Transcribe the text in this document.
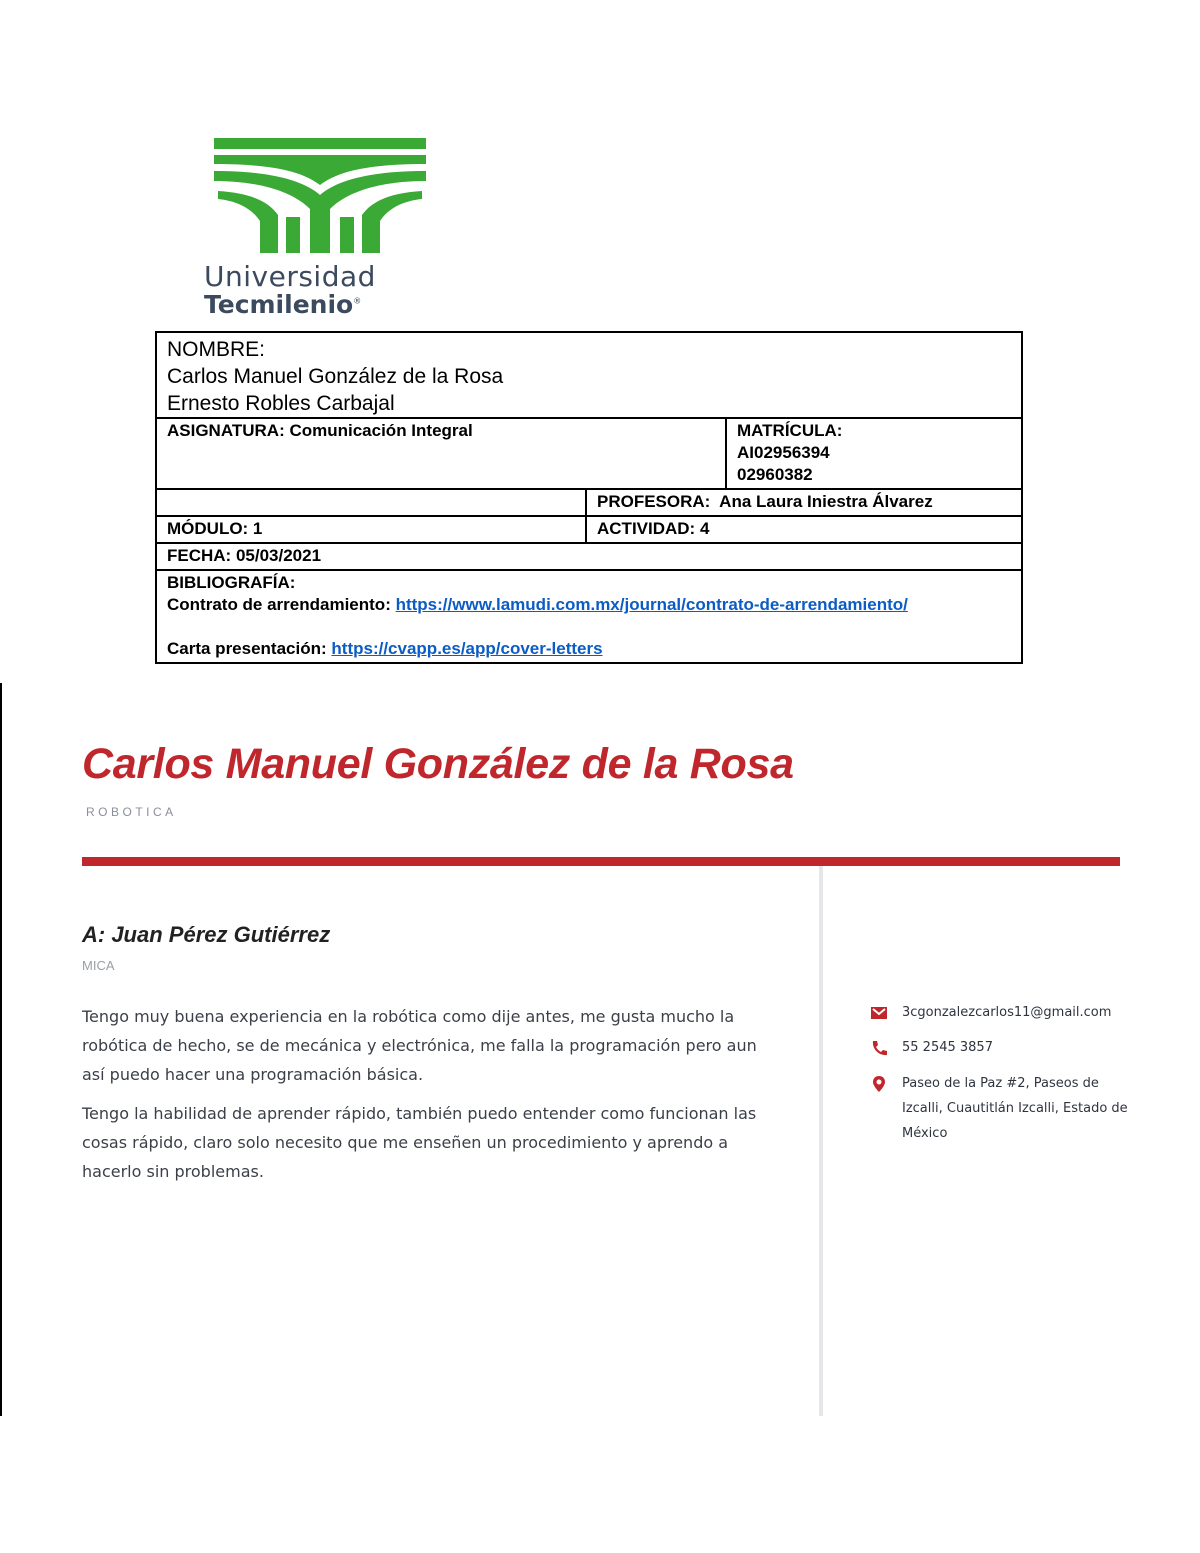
Universidad
Tecmilenio®
NOMBRE:
Carlos Manuel González de la Rosa
Ernesto Robles Carbajal		

ASIGNATURA: Comunicación Integral		MATRÍCULA:
AI02956394
02960382

	PROFESORA: Ana Laura Iniestra Álvarez	
MÓDULO: 1	ACTIVIDAD: 4	
FECHA: 05/03/2021		

BIBLIOGRAFÍA:
Contrato de arrendamiento: https://www.lamudi.com.mx/journal/contrato-de-arrendamiento/
Carta presentación: https://cvapp.es/app/cover-letters		
Carlos Manuel González de la Rosa
ROBOTICA
A: Juan Pérez Gutiérrez
MICA

Tengo muy buena experiencia en la robótica como dije antes, me gusta mucho la robótica de hecho, se de mecánica y electrónica, me falla la programación pero aun así puedo hacer una programación básica.

Tengo la habilidad de aprender rápido, también puedo entender como funcionan las cosas rápido, claro solo necesito que me enseñen un procedimiento y aprendo a hacerlo sin problemas.

3cgonzalezcarlos11@gmail.com
55 2545 3857
Paseo de la Paz #2, Paseos de Izcalli, Cuautitlán Izcalli, Estado de México
